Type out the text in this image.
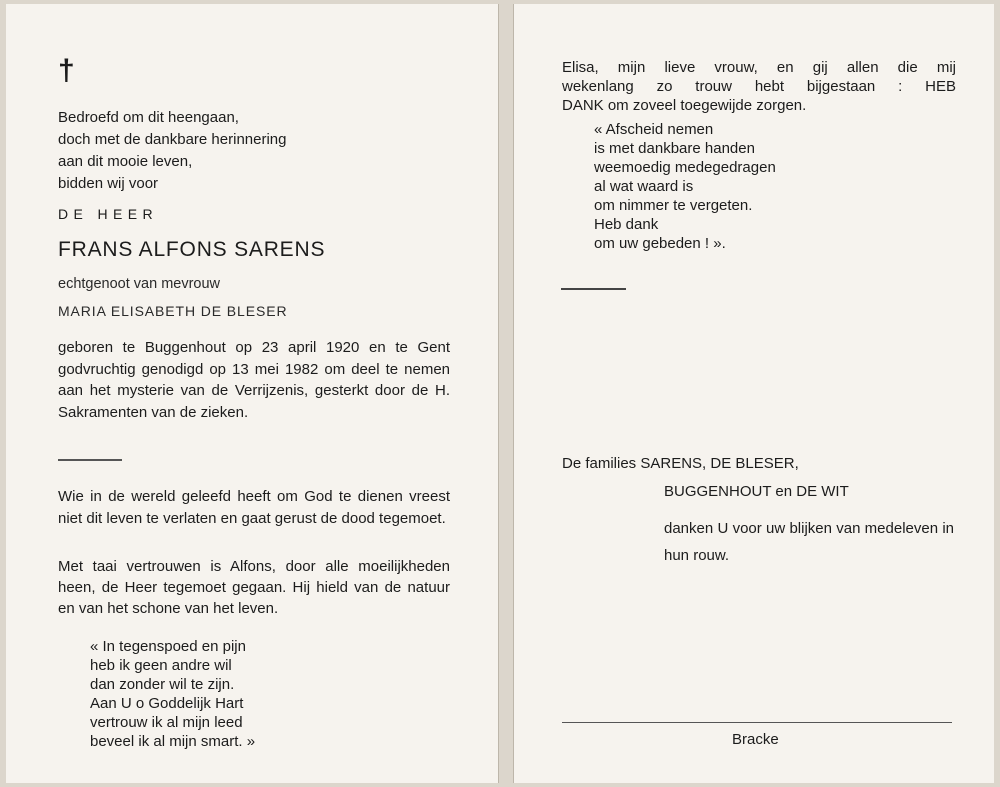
†
Bedroefd om dit heengaan,
doch met de dankbare herinnering
aan dit mooie leven,
bidden wij voor
DE HEER
FRANS ALFONS SARENS
echtgenoot van mevrouw
MARIA ELISABETH DE BLESER

geboren te Buggenhout op 23 april 1920 en te Gent godvruchtig genodigd op 13 mei 1982 om deel te nemen aan het mysterie van de Verrijzenis, gesterkt door de H. Sakramenten van de zieken.

Wie in de wereld geleefd heeft om God te dienen vreest niet dit leven te verlaten en gaat gerust de dood tegemoet.

Met taai vertrouwen is Alfons, door alle moeilijkheden heen, de Heer tegemoet gegaan. Hij hield van de natuur en van het schone van het leven.

« In tegenspoed en pijn
heb ik geen andre wil
dan zonder wil te zijn.
Aan U o Goddelijk Hart
vertrouw ik al mijn leed
beveel ik al mijn smart. »
Elisa, mijn lieve vrouw, en gij allen die mij
wekenlang zo trouw hebt bijgestaan : HEB
DANK om zoveel toegewijde zorgen.
« Afscheid nemen
is met dankbare handen
weemoedig medegedragen
al wat waard is
om nimmer te vergeten.
Heb dank
om uw gebeden ! ».
De families SARENS, DE BLESER,
BUGGENHOUT en DE WIT

danken U voor uw blijken van medeleven in hun rouw.

Bracke
